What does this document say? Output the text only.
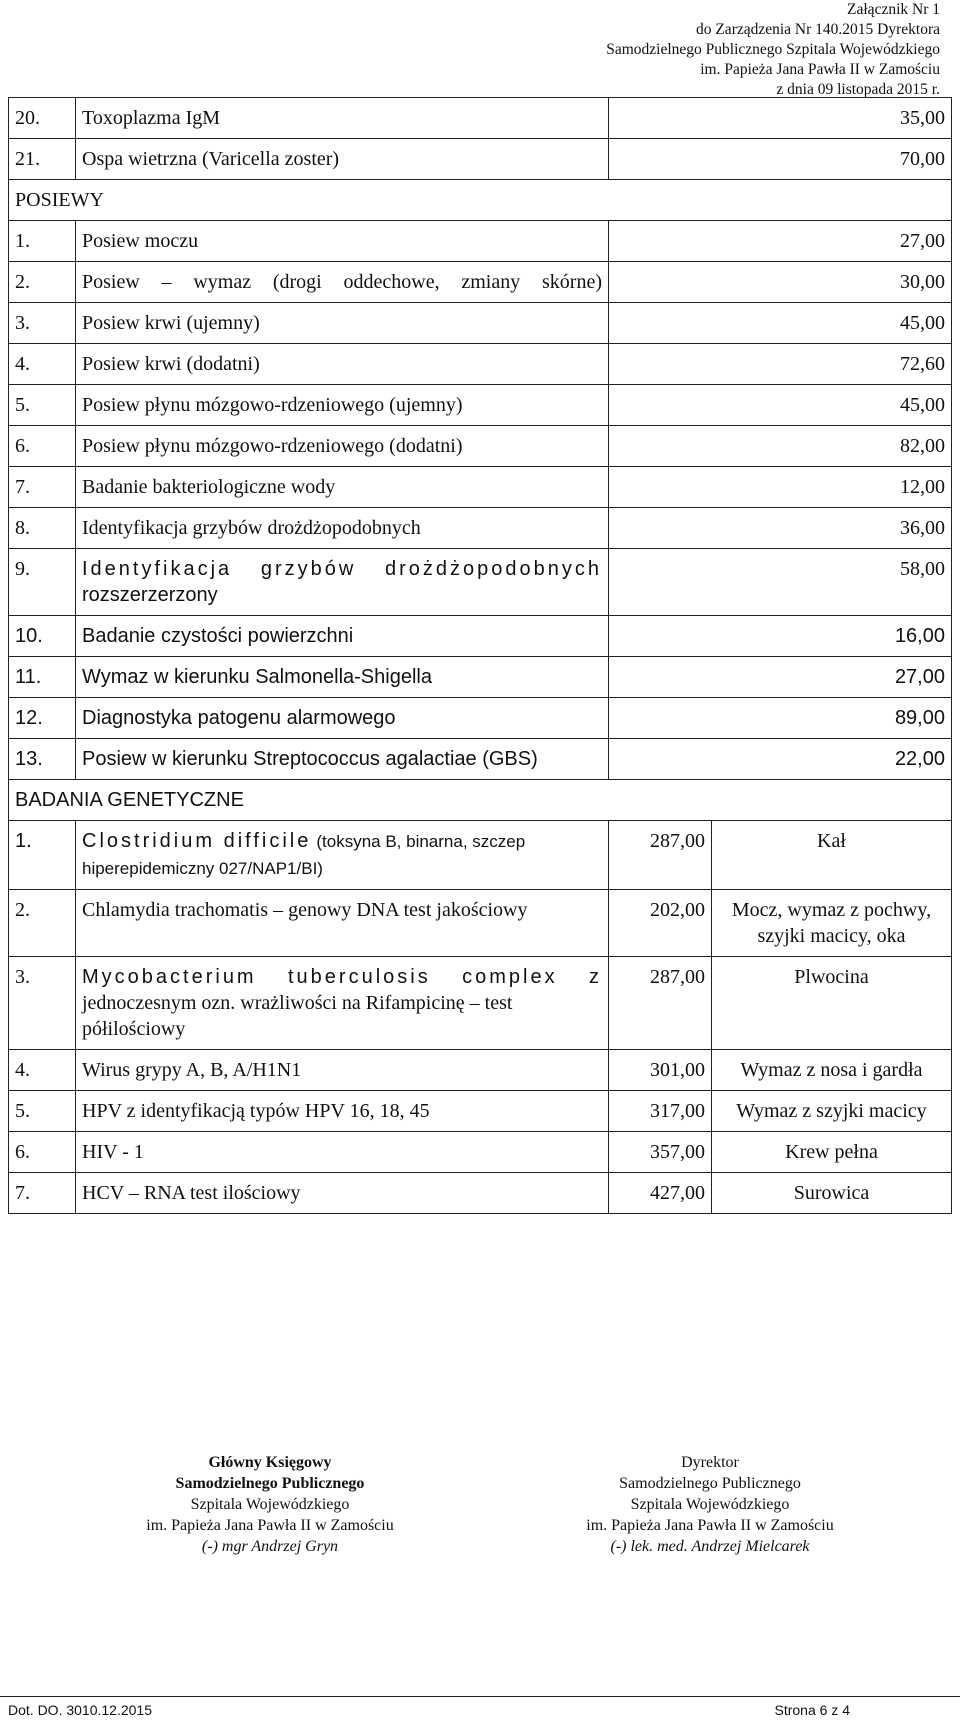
Załącznik Nr 1
do Zarządzenia Nr 140.2015 Dyrektora
Samodzielnego Publicznego Szpitala Wojewódzkiego
im. Papieża Jana Pawła II w Zamościu
z dnia 09 listopada 2015 r.
20.	Toxoplazma IgM	35,00	
21.	Ospa wietrzna (Varicella zoster)	70,00	
POSIEWY			
1.	Posiew moczu	27,00	
2.	Posiew – wymaz (drogi oddechowe, zmiany skórne)	30,00	
3.	Posiew krwi (ujemny)	45,00	
4.	Posiew krwi (dodatni)	72,60	
5.	Posiew płynu mózgowo-rdzeniowego (ujemny)	45,00	
6.	Posiew płynu mózgowo-rdzeniowego (dodatni)	82,00	
7.	Badanie bakteriologiczne wody	12,00	
8.	Identyfikacja grzybów drożdżopodobnych	36,00	
9.	Identyfikacja grzybów drożdżopodobnych
rozszerzerzony	58,00	
10.	Badanie czystości powierzchni	16,00	
11.	Wymaz w kierunku Salmonella-Shigella	27,00	
12.	Diagnostyka patogenu alarmowego	89,00	
13.	Posiew w kierunku Streptococcus agalactiae (GBS)	22,00	
BADANIA GENETYCZNE			
1.	Clostridium difficile (toksyna B, binarna, szczep hiperepidemiczny 027/NAP1/BI)	287,00	Kał
2.	Chlamydia trachomatis – genowy DNA test jakościowy	202,00	Mocz, wymaz z pochwy, szyjki macicy, oka
3.	Mycobacterium tuberculosis complex z
jednoczesnym ozn. wrażliwości na Rifampicinę – test półilościowy	287,00	Plwocina
4.	Wirus grypy A, B, A/H1N1	301,00	Wymaz z nosa i gardła
5.	HPV z identyfikacją typów HPV 16, 18, 45	317,00	Wymaz z szyjki macicy
6.	HIV - 1	357,00	Krew pełna
7.	HCV – RNA test ilościowy	427,00	Surowica
Główny Księgowy
Samodzielnego Publicznego
Szpitala Wojewódzkiego
im. Papieża Jana Pawła II w Zamościu
(-) mgr Andrzej Gryn
Dyrektor
Samodzielnego Publicznego
Szpitala Wojewódzkiego
im. Papieża Jana Pawła II w Zamościu
(-) lek. med. Andrzej Mielcarek
Dot. DO. 3010.12.2015	Strona 6 z 4
